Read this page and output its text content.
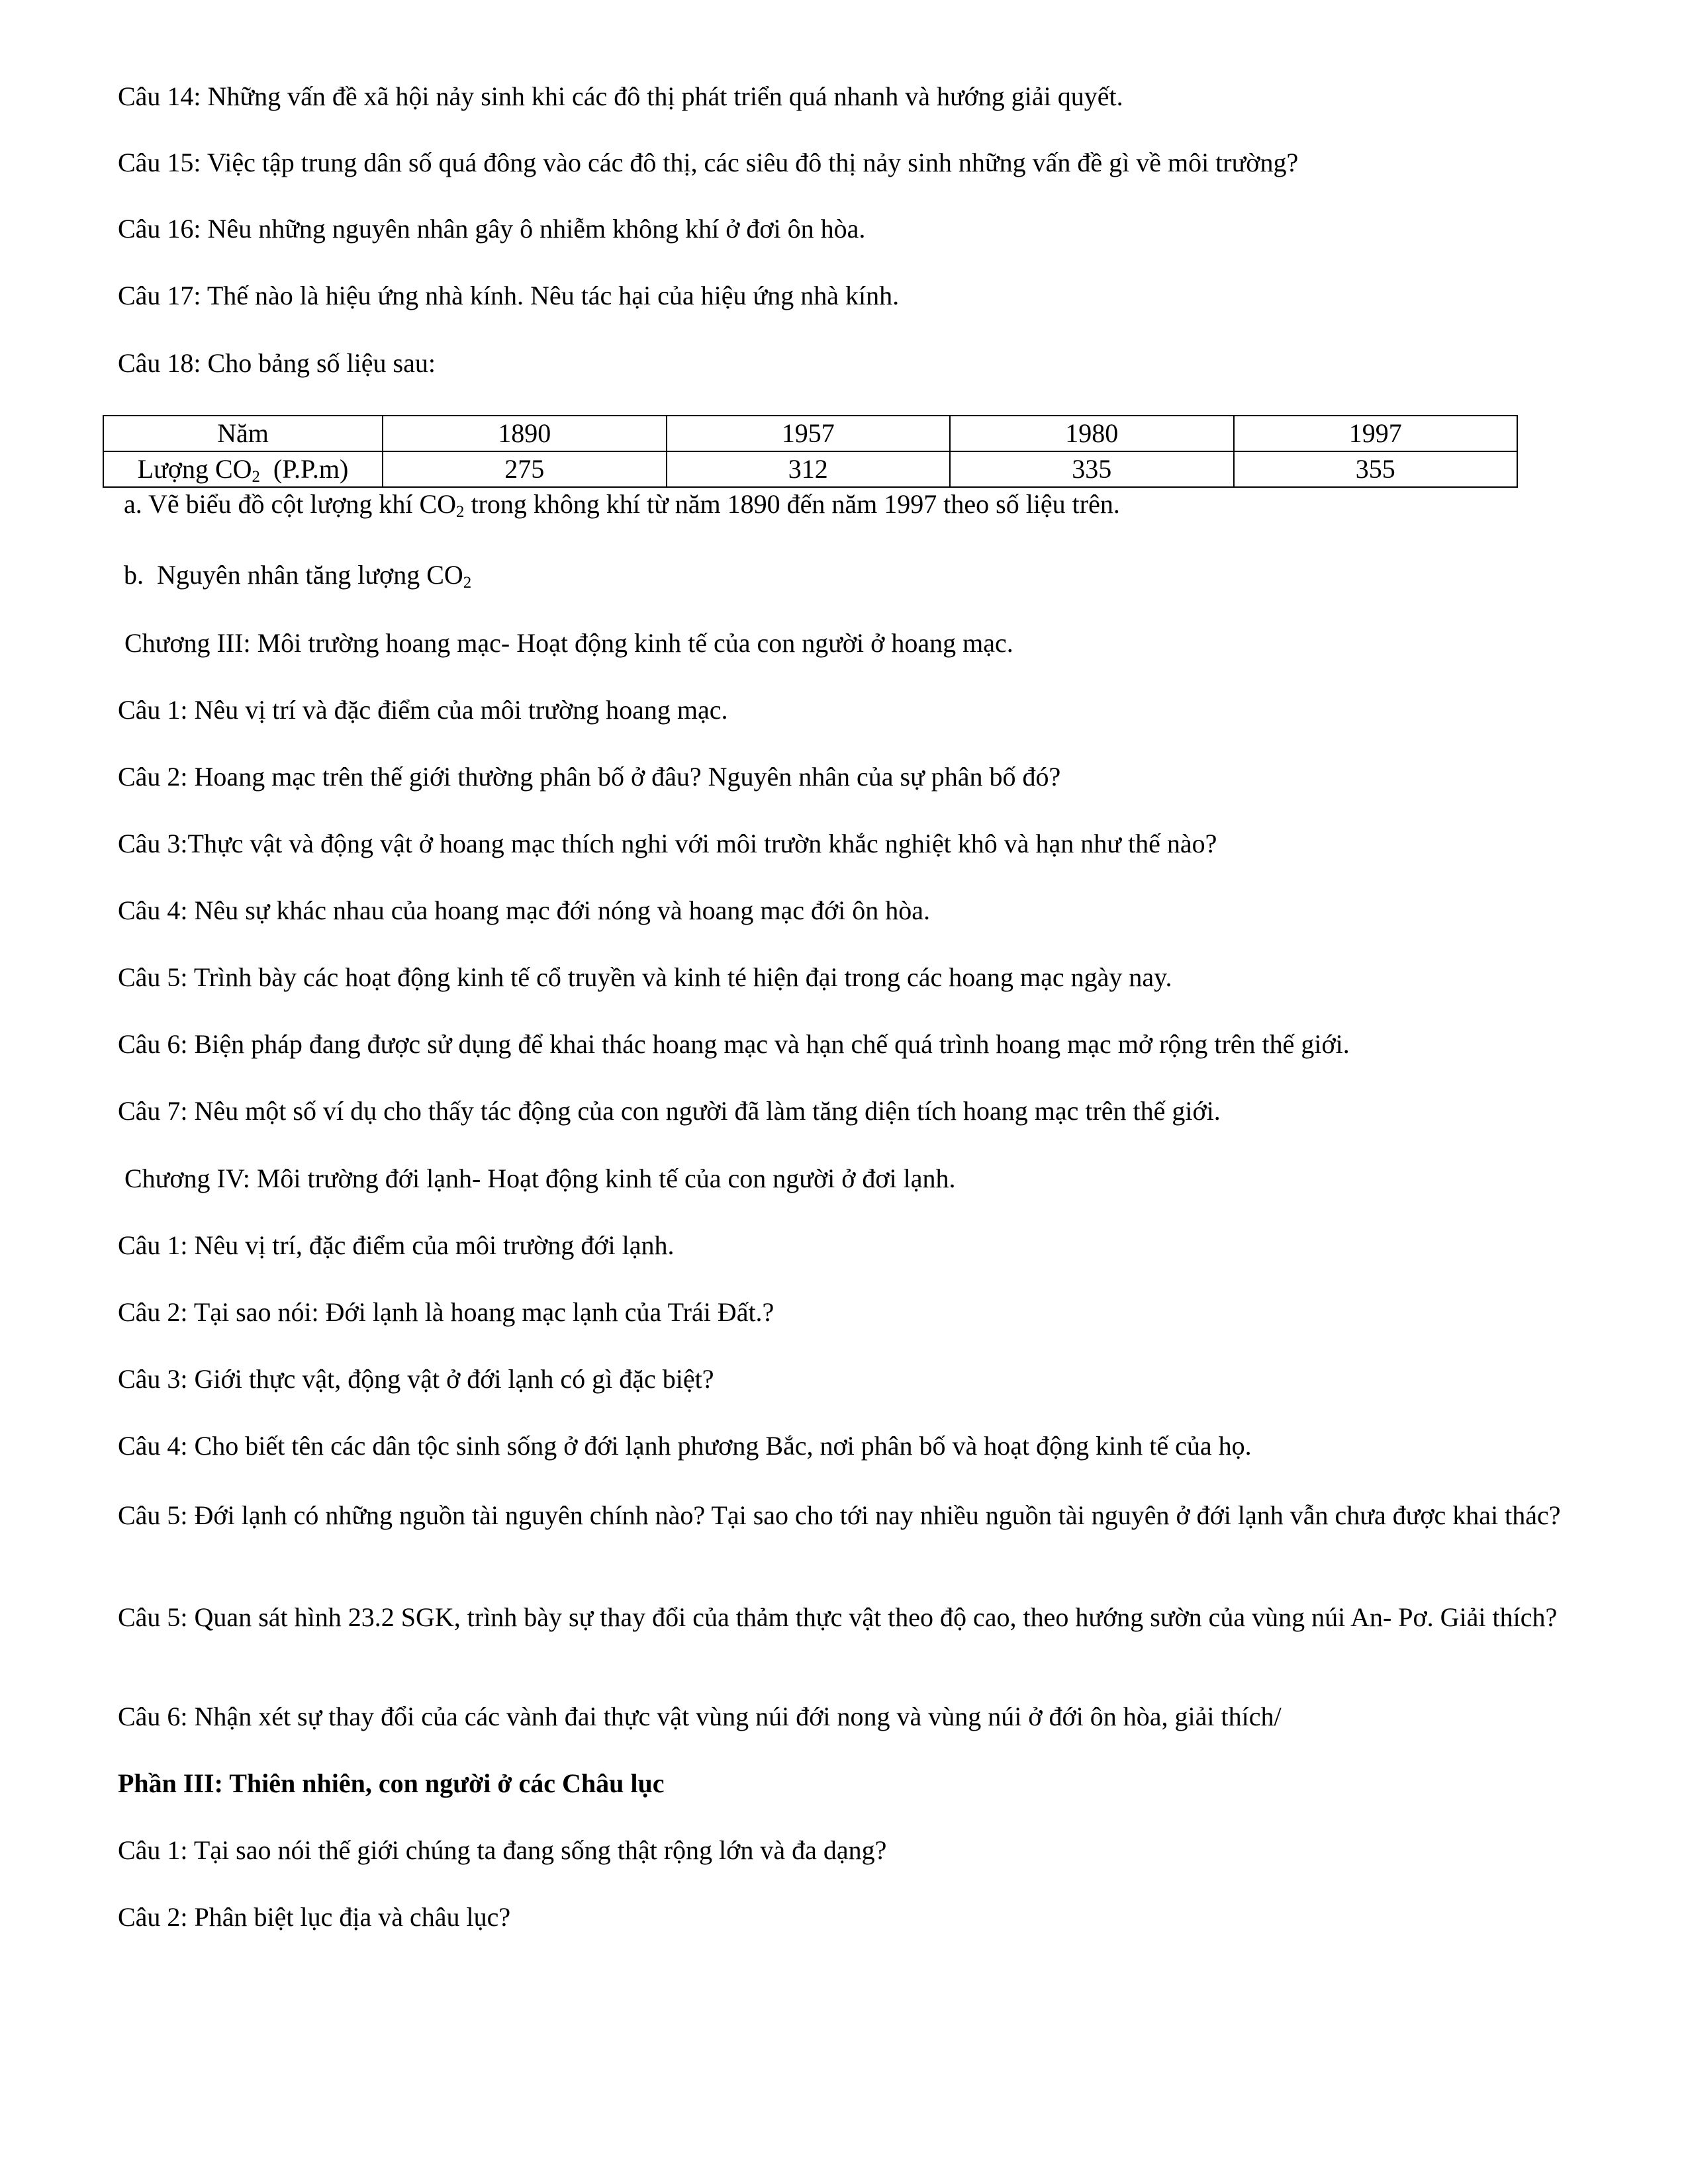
Câu 14: Những vấn đề xã hội nảy sinh khi các đô thị phát triển quá nhanh và hướng giải quyết.
Câu 15: Việc tập trung dân số quá đông vào các đô thị, các siêu đô thị nảy sinh những vấn đề gì về môi trường?
Câu 16: Nêu những nguyên nhân gây ô nhiễm không khí ở đơi ôn hòa.
Câu 17: Thế nào là hiệu ứng nhà kính. Nêu tác hại của hiệu ứng nhà kính.
Câu 18: Cho bảng số liệu sau:
Năm	1890	1957	1980	1997
Lượng $CO_2$  (P.P.m)	275	312	335	355
a. Vẽ biểu đồ cột lượng khí $CO_2$ trong không khí từ năm 1890 đến năm 1997 theo số liệu trên.
b.  Nguyên nhân tăng lượng $CO_2$
Chương III: Môi trường hoang mạc- Hoạt động kinh tế của con người ở hoang mạc.
Câu 1: Nêu vị trí và đặc điểm của môi trường hoang mạc.
Câu 2: Hoang mạc trên thế giới thường phân bố ở đâu? Nguyên nhân của sự phân bố đó?
Câu 3:Thực vật và động vật ở hoang mạc thích nghi với môi trườn khắc nghiệt khô và hạn như thế nào?
Câu 4: Nêu sự khác nhau của hoang mạc đới nóng và hoang mạc đới ôn hòa.
Câu 5: Trình bày các hoạt động kinh tế cổ truyền và kinh té hiện đại trong các hoang mạc ngày nay.
Câu 6: Biện pháp đang được sử dụng để khai thác hoang mạc và hạn chế quá trình hoang mạc mở rộng trên thế giới.
Câu 7: Nêu một số ví dụ cho thấy tác động của con người đã làm tăng diện tích hoang mạc trên thế giới.
Chương IV: Môi trường đới lạnh- Hoạt động kinh tế của con người ở đơi lạnh.
Câu 1: Nêu vị trí, đặc điểm của môi trường đới lạnh.
Câu 2: Tại sao nói: Đới lạnh là hoang mạc lạnh của Trái Đất.?
Câu 3: Giới thực vật, động vật ở đới lạnh có gì đặc biệt?
Câu 4: Cho biết tên các dân tộc sinh sống ở đới lạnh phương Bắc, nơi phân bố và hoạt động kinh tế của họ.
Câu 5: Đới lạnh có những nguồn tài nguyên chính nào? Tại sao cho tới nay nhiều nguồn tài nguyên ở đới lạnh vẫn chưa được khai thác?
Câu 5: Quan sát hình 23.2 SGK, trình bày sự thay đổi của thảm thực vật theo độ cao, theo hướng sườn của vùng núi An- Pơ. Giải thích?
Câu 6: Nhận xét sự thay đổi của các vành đai thực vật vùng núi đới nong và vùng núi ở đới ôn hòa, giải thích/
Phần III: Thiên nhiên, con người ở các Châu lục
Câu 1: Tại sao nói thế giới chúng ta đang sống thật rộng lớn và đa dạng?
Câu 2: Phân biệt lục địa và châu lục?
